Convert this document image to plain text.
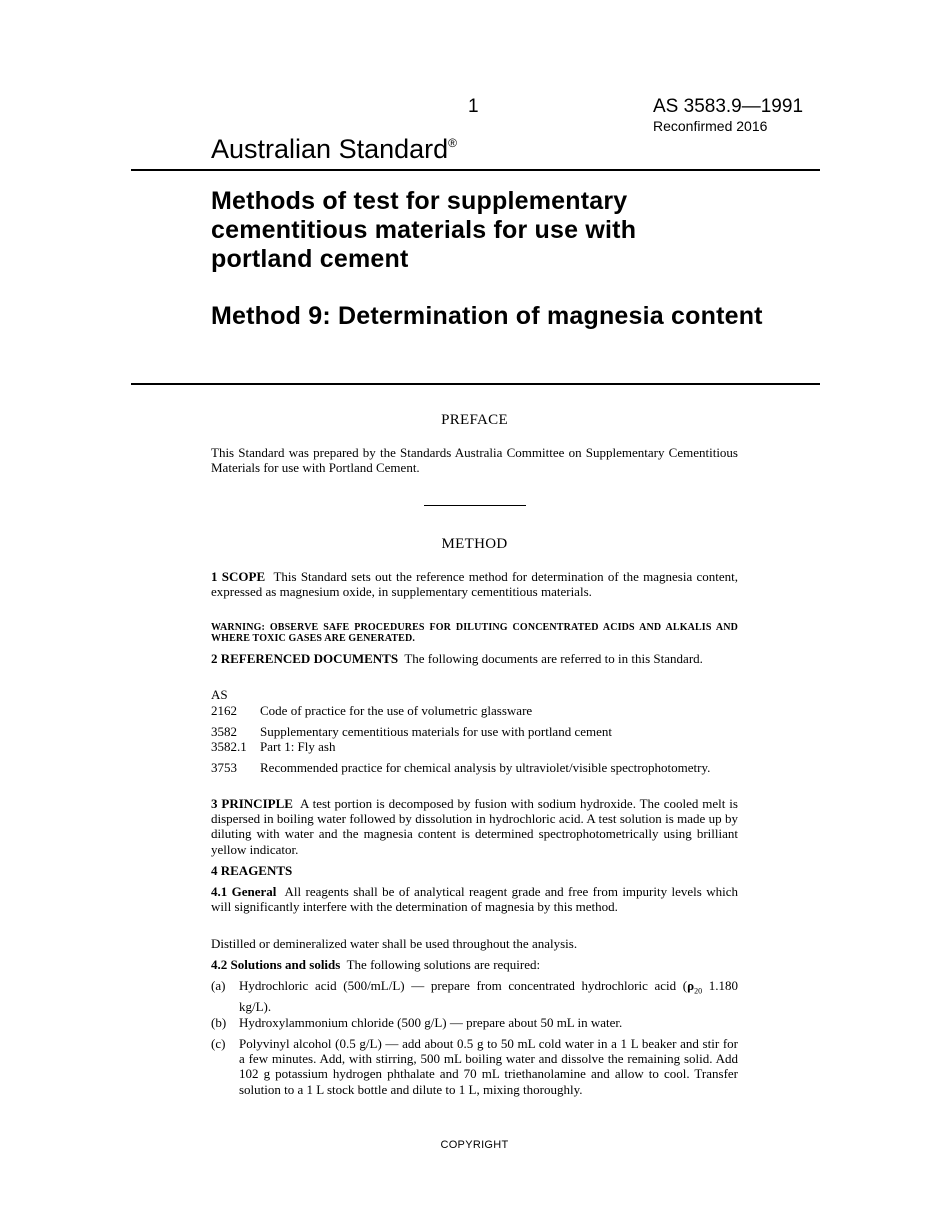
1	AS 3583.9—1991
Reconfirmed 2016
Australian Standard®
Methods of test for supplementary cementitious materials for use with portland cement
Method 9: Determination of magnesia content
PREFACE
This Standard was prepared by the Standards Australia Committee on Supplementary Cementitious Materials for use with Portland Cement.
METHOD
1 SCOPE This Standard sets out the reference method for determination of the magnesia content, expressed as magnesium oxide, in supplementary cementitious materials.
WARNING: OBSERVE SAFE PROCEDURES FOR DILUTING CONCENTRATED ACIDS AND ALKALIS AND WHERE TOXIC GASES ARE GENERATED.
2 REFERENCED DOCUMENTS The following documents are referred to in this Standard.
AS
2162 Code of practice for the use of volumetric glassware
3582 Supplementary cementitious materials for use with portland cement
3582.1 Part 1: Fly ash
3753 Recommended practice for chemical analysis by ultraviolet/visible spectrophotometry.
3 PRINCIPLE A test portion is decomposed by fusion with sodium hydroxide. The cooled melt is dispersed in boiling water followed by dissolution in hydrochloric acid. A test solution is made up by diluting with water and the magnesia content is determined spectrophotometrically using brilliant yellow indicator.
4 REAGENTS
4.1 General All reagents shall be of analytical reagent grade and free from impurity levels which will significantly interfere with the determination of magnesia by this method.
Distilled or demineralized water shall be used throughout the analysis.
4.2 Solutions and solids The following solutions are required:
(a) Hydrochloric acid (500/mL/L) — prepare from concentrated hydrochloric acid ($\rho_{20}$ 1.180 kg/L).
(b) Hydroxylammonium chloride (500 g/L) — prepare about 50 mL in water.
(c) Polyvinyl alcohol (0.5 g/L) — add about 0.5 g to 50 mL cold water in a 1 L beaker and stir for a few minutes. Add, with stirring, 500 mL boiling water and dissolve the remaining solid. Add 102 g potassium hydrogen phthalate and 70 mL triethanolamine and allow to cool. Transfer solution to a 1 L stock bottle and dilute to 1 L, mixing thoroughly.
COPYRIGHT
